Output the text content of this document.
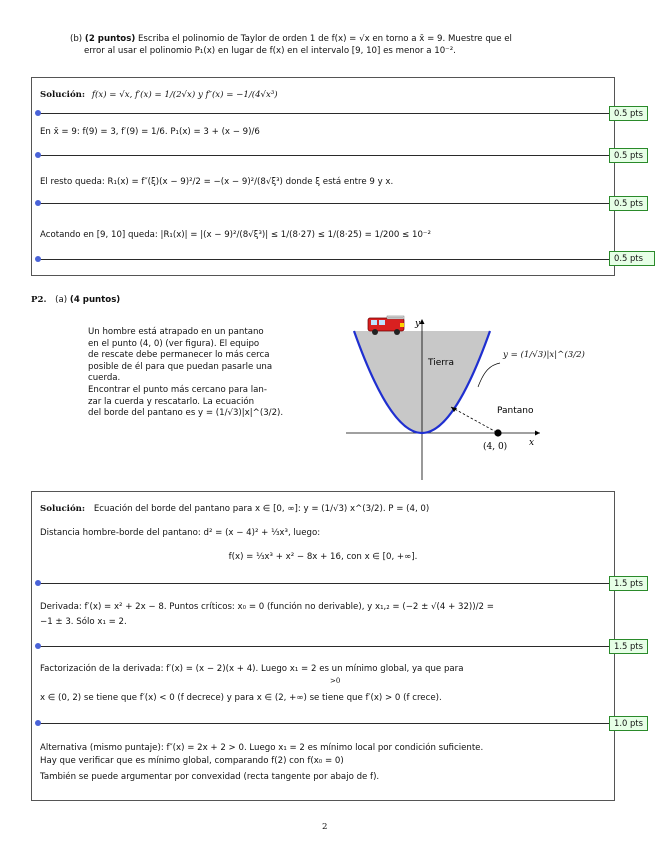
(b) (2 puntos) Escriba el polinomio de Taylor de orden 1 de f(x) = √x en torno a x̄ = 9. Muestre que el
error al usar el polinomio P₁(x) en lugar de f(x) en el intervalo [9, 10] es menor a 10⁻².
Solución: f(x) = √x, f′(x) = 1/(2√x) y f″(x) = −1/(4√x³)
En x̄ = 9: f(9) = 3, f′(9) = 1/6. P₁(x) = 3 + (x − 9)/6
El resto queda: R₁(x) = f″(ξ)(x − 9)²/2 = −(x − 9)²/(8√ξ³) donde ξ está entre 9 y x.
Acotando en [9, 10] queda: |R₁(x)| = |(x − 9)²/(8√ξ³)| ≤ 1/(8·27) ≤ 1/(8·25) = 1/200 ≤ 10⁻²
0.5 pts
0.5 pts
0.5 pts
0.5 pts
P2. (a) (4 puntos)
Un hombre está atrapado en un pantano
en el punto (4, 0) (ver figura). El equipo
de rescate debe permanecer lo más cerca
posible de él para que puedan pasarle una
cuerda.
Encontrar el punto más cercano para lan-
zar la cuerda y rescatarlo. La ecuación
del borde del pantano es y = (1/√3)|x|^(3/2).
y
x
Tierra
Pantano
(4, 0)
y = (1/√3)|x|^(3/2)
Solución: Ecuación del borde del pantano para x ∈ [0, ∞]: y = (1/√3) x^(3/2). P = (4, 0)
Distancia hombre-borde del pantano: d² = (x − 4)² + ⅓x³, luego:
f(x) = ⅓x³ + x² − 8x + 16, con x ∈ [0, +∞].
Derivada: f′(x) = x² + 2x − 8. Puntos críticos: x₀ = 0 (función no derivable), y x₁,₂ = (−2 ± √(4 + 32))/2 =
−1 ± 3. Sólo x₁ = 2.
Factorización de la derivada: f′(x) = (x − 2)(x + 4). Luego x₁ = 2 es un mínimo global, ya que para
>0
x ∈ (0, 2) se tiene que f′(x) < 0 (f decrece) y para x ∈ (2, +∞) se tiene que f′(x) > 0 (f crece).
Alternativa (mismo puntaje): f″(x) = 2x + 2 > 0. Luego x₁ = 2 es mínimo local por condición suficiente.
Hay que verificar que es mínimo global, comparando f(2) con f(x₀ = 0)
También se puede argumentar por convexidad (recta tangente por abajo de f).
1.5 pts
1.5 pts
1.0 pts
2
